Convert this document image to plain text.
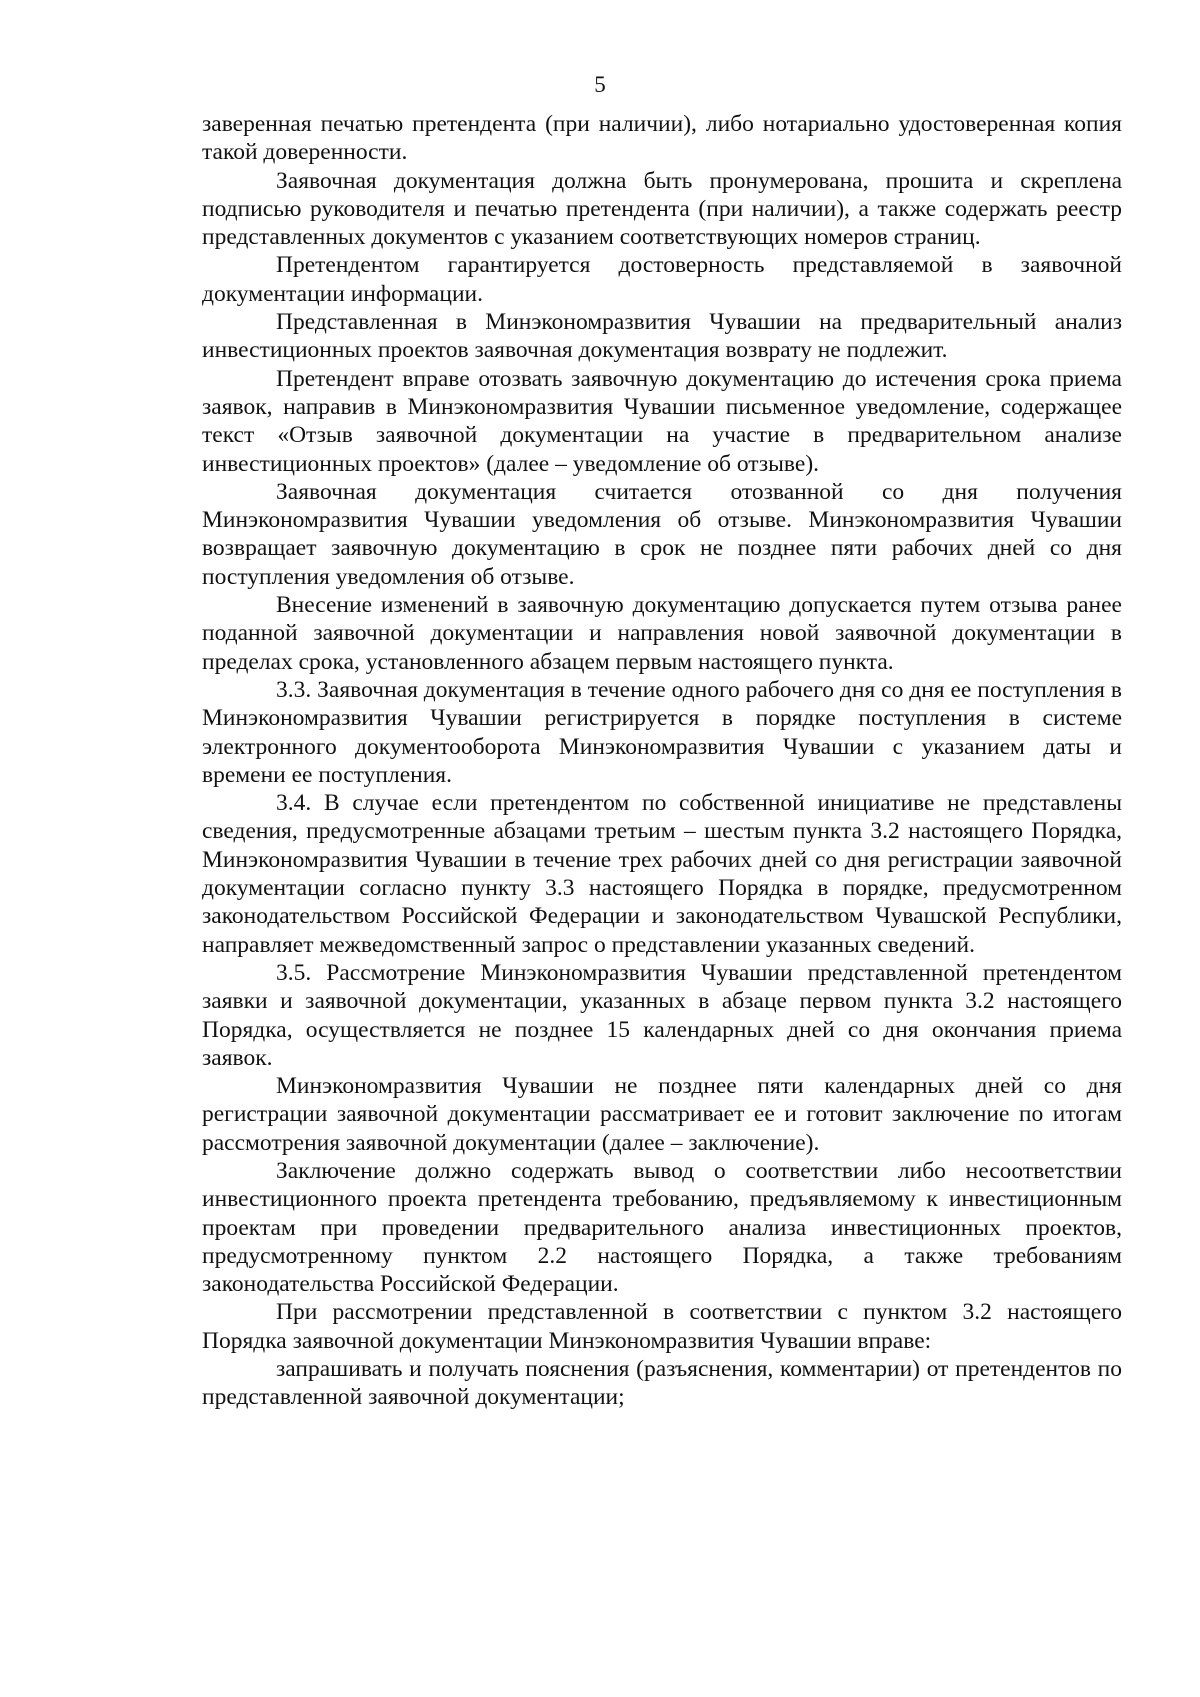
5

заверенная печатью претендента (при наличии), либо нотариально удостоверенная копия такой доверенности.

Заявочная документация должна быть пронумерована, прошита и скреплена подписью руководителя и печатью претендента (при наличии), а также содержать реестр представленных документов с указанием соответствующих номеров страниц.

Претендентом гарантируется достоверность представляемой в заявочной документации информации.

Представленная в Минэкономразвития Чувашии на предварительный анализ инвестиционных проектов заявочная документация возврату не подлежит.

Претендент вправе отозвать заявочную документацию до истечения срока приема заявок, направив в Минэкономразвития Чувашии письменное уведомление, содержащее текст «Отзыв заявочной документации на участие в предварительном анализе инвестиционных проектов» (далее – уведомление об отзыве).

Заявочная документация считается отозванной со дня получения Минэкономразвития Чувашии уведомления об отзыве. Минэкономразвития Чувашии возвращает заявочную документацию в срок не позднее пяти рабочих дней со дня поступления уведомления об отзыве.

Внесение изменений в заявочную документацию допускается путем отзыва ранее поданной заявочной документации и направления новой заявочной документации в пределах срока, установленного абзацем первым настоящего пункта.

3.3. Заявочная документация в течение одного рабочего дня со дня ее поступления в Минэкономразвития Чувашии регистрируется в порядке поступления в системе электронного документооборота Минэкономразвития Чувашии с указанием даты и времени ее поступления.

3.4. В случае если претендентом по собственной инициативе не представлены сведения, предусмотренные абзацами третьим – шестым пункта 3.2 настоящего Порядка, Минэкономразвития Чувашии в течение трех рабочих дней со дня регистрации заявочной документации согласно пункту 3.3 настоящего Порядка в порядке, предусмотренном законодательством Российской Федерации и законодательством Чувашской Республики, направляет межведомственный запрос о представлении указанных сведений.

3.5. Рассмотрение Минэкономразвития Чувашии представленной претендентом заявки и заявочной документации, указанных в абзаце первом пункта 3.2 настоящего Порядка, осуществляется не позднее 15 календарных дней со дня окончания приема заявок.

Минэкономразвития Чувашии не позднее пяти календарных дней со дня регистрации заявочной документации рассматривает ее и готовит заключение по итогам рассмотрения заявочной документации (далее – заключение).

Заключение должно содержать вывод о соответствии либо несоответствии инвестиционного проекта претендента требованию, предъявляемому к инвестиционным проектам при проведении предварительного анализа инвестиционных проектов, предусмотренному пунктом 2.2 настоящего Порядка, а также требованиям законодательства Российской Федерации.

При рассмотрении представленной в соответствии с пунктом 3.2 настоящего Порядка заявочной документации Минэкономразвития Чувашии вправе:

запрашивать и получать пояснения (разъяснения, комментарии) от претендентов по представленной заявочной документации;
